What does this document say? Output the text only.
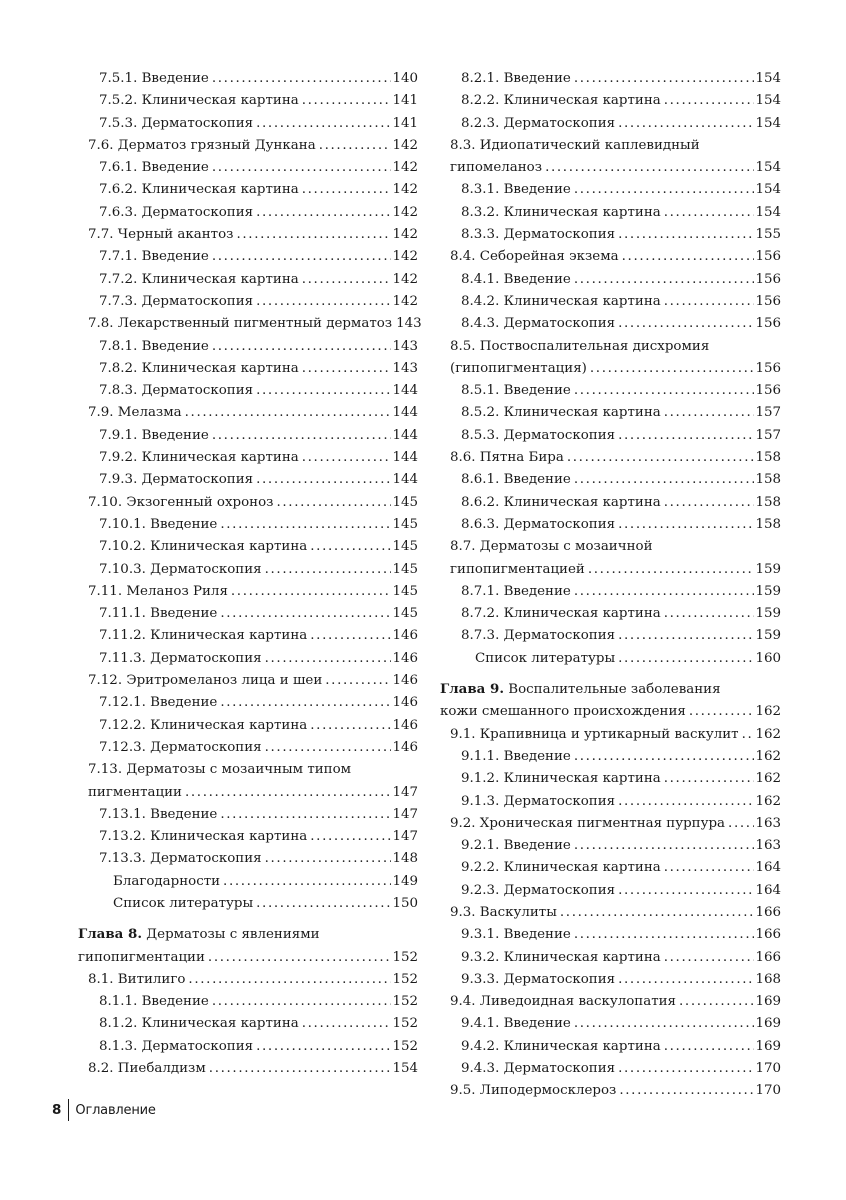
7.5.1. Введение . . .	140
7.5.2. Клиническая картина . . .	141
7.5.3. Дерматоскопия . . .	141
7.6. Дерматоз грязный Дункана . . .	142
7.6.1. Введение . . .	142
7.6.2. Клиническая картина . . .	142
7.6.3. Дерматоскопия . . .	142
7.7. Черный акантоз . . .	142
7.7.1. Введение . . .	142
7.7.2. Клиническая картина . . .	142
7.7.3. Дерматоскопия . . .	142
7.8. Лекарственный пигментный дерматоз 143
7.8.1. Введение . . .	143
7.8.2. Клиническая картина . . .	143
7.8.3. Дерматоскопия . . .	144
7.9. Мелазма . . .	144
7.9.1. Введение . . .	144
7.9.2. Клиническая картина . . .	144
7.9.3. Дерматоскопия . . .	144
7.10. Экзогенный охроноз . . .	145
7.10.1. Введение . . .	145
7.10.2. Клиническая картина . . .	145
7.10.3. Дерматоскопия . . .	145
7.11. Меланоз Риля . . .	145
7.11.1. Введение . . .	145
7.11.2. Клиническая картина . . .	146
7.11.3. Дерматоскопия . . .	146
7.12. Эритромеланоз лица и шеи . . .	146
7.12.1. Введение . . .	146
7.12.2. Клиническая картина . . .	146
7.12.3. Дерматоскопия . . .	146
7.13. Дерматозы с мозаичным типом
пигментации . . .	147
7.13.1. Введение . . .	147
7.13.2. Клиническая картина . . .	147
7.13.3. Дерматоскопия . . .	148
Благодарности . . .	149
Список литературы . . .	150
Глава 8. Дерматозы с явлениями
гипопигментации . . .	152
8.1. Витилиго . . .	152
8.1.1. Введение . . .	152
8.1.2. Клиническая картина . . .	152
8.1.3. Дерматоскопия . . .	152
8.2. Пиебалдизм . . .	154
8.2.1. Введение . . .	154
8.2.2. Клиническая картина . . .	154
8.2.3. Дерматоскопия . . .	154
8.3. Идиопатический каплевидный
гипомеланоз . . .	154
8.3.1. Введение . . .	154
8.3.2. Клиническая картина . . .	154
8.3.3. Дерматоскопия . . .	155
8.4. Себорейная экзема . . .	156
8.4.1. Введение . . .	156
8.4.2. Клиническая картина . . .	156
8.4.3. Дерматоскопия . . .	156
8.5. Поствоспалительная дисхромия
(гипопигментация) . . .	156
8.5.1. Введение . . .	156
8.5.2. Клиническая картина . . .	157
8.5.3. Дерматоскопия . . .	157
8.6. Пятна Бира . . .	158
8.6.1. Введение . . .	158
8.6.2. Клиническая картина . . .	158
8.6.3. Дерматоскопия . . .	158
8.7. Дерматозы с мозаичной
гипопигментацией . . .	159
8.7.1. Введение . . .	159
8.7.2. Клиническая картина . . .	159
8.7.3. Дерматоскопия . . .	159
Список литературы . . .	160
Глава 9. Воспалительные заболевания
кожи смешанного происхождения . . .	162
9.1. Крапивница и уртикарный васкулит . . . 162
9.1.1. Введение . . .	162
9.1.2. Клиническая картина . . .	162
9.1.3. Дерматоскопия . . .	162
9.2. Хроническая пигментная пурпура . . . 163
9.2.1. Введение . . .	163
9.2.2. Клиническая картина . . .	164
9.2.3. Дерматоскопия . . .	164
9.3. Васкулиты . . .	166
9.3.1. Введение . . .	166
9.3.2. Клиническая картина . . .	166
9.3.3. Дерматоскопия . . .	168
9.4. Ливедоидная васкулопатия . . .	169
9.4.1. Введение . . .	169
9.4.2. Клиническая картина . . .	169
9.4.3. Дерматоскопия . . .	170
9.5. Липодермосклероз . . .	170
8	Оглавление
